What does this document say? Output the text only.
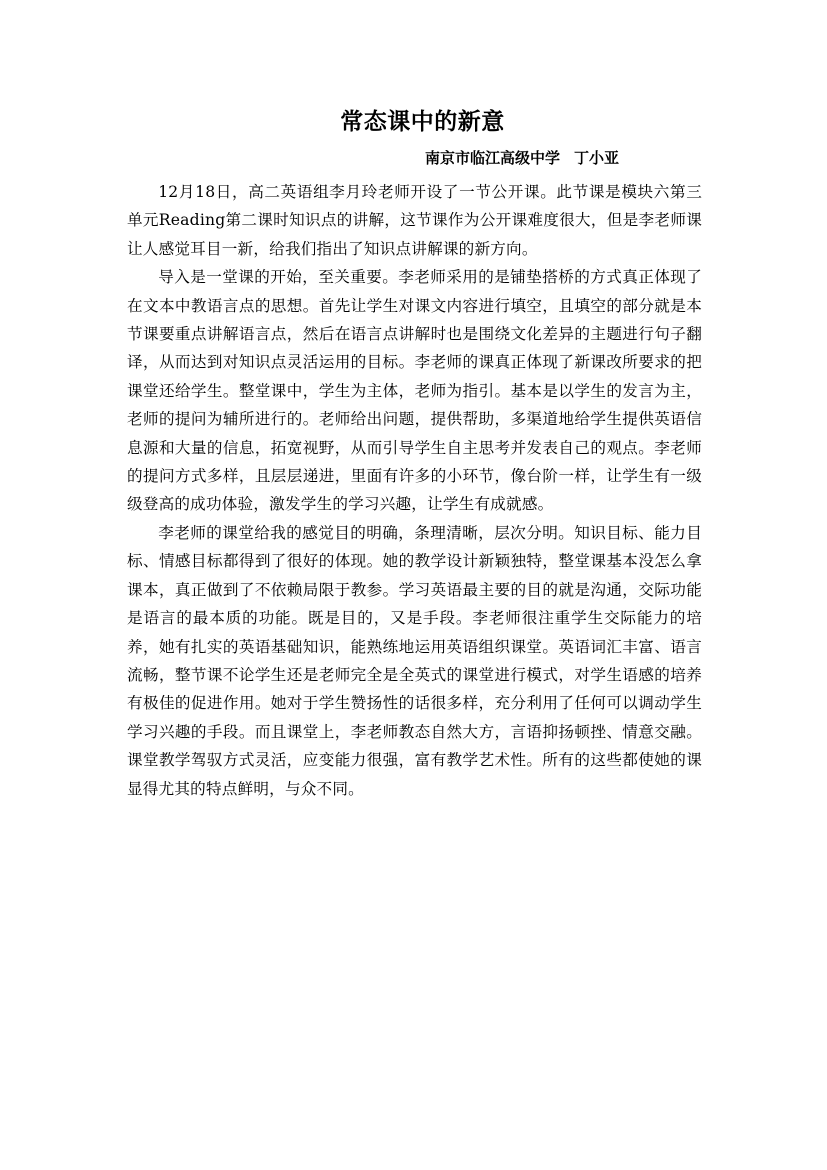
常态课中的新意
南京市临江高级中学 丁小亚

12月18日，高二英语组李月玲老师开设了一节公开课。此节课是模块六第三单元Reading第二课时知识点的讲解，这节课作为公开课难度很大，但是李老师课让人感觉耳目一新，给我们指出了知识点讲解课的新方向。

导入是一堂课的开始，至关重要。李老师采用的是铺垫搭桥的方式真正体现了在文本中教语言点的思想。首先让学生对课文内容进行填空，且填空的部分就是本节课要重点讲解语言点，然后在语言点讲解时也是围绕文化差异的主题进行句子翻译，从而达到对知识点灵活运用的目标。李老师的课真正体现了新课改所要求的把课堂还给学生。整堂课中，学生为主体，老师为指引。基本是以学生的发言为主，老师的提问为辅所进行的。老师给出问题，提供帮助，多渠道地给学生提供英语信息源和大量的信息，拓宽视野，从而引导学生自主思考并发表自己的观点。李老师的提问方式多样，且层层递进，里面有许多的小环节，像台阶一样，让学生有一级级登高的成功体验，激发学生的学习兴趣，让学生有成就感。

李老师的课堂给我的感觉目的明确，条理清晰，层次分明。知识目标、能力目标、情感目标都得到了很好的体现。她的教学设计新颖独特，整堂课基本没怎么拿课本，真正做到了不依赖局限于教参。学习英语最主要的目的就是沟通，交际功能是语言的最本质的功能。既是目的，又是手段。李老师很注重学生交际能力的培养，她有扎实的英语基础知识，能熟练地运用英语组织课堂。英语词汇丰富、语言流畅，整节课不论学生还是老师完全是全英式的课堂进行模式，对学生语感的培养有极佳的促进作用。她对于学生赞扬性的话很多样，充分利用了任何可以调动学生学习兴趣的手段。而且课堂上，李老师教态自然大方，言语抑扬顿挫、情意交融。课堂教学驾驭方式灵活，应变能力很强，富有教学艺术性。所有的这些都使她的课显得尤其的特点鲜明，与众不同。
